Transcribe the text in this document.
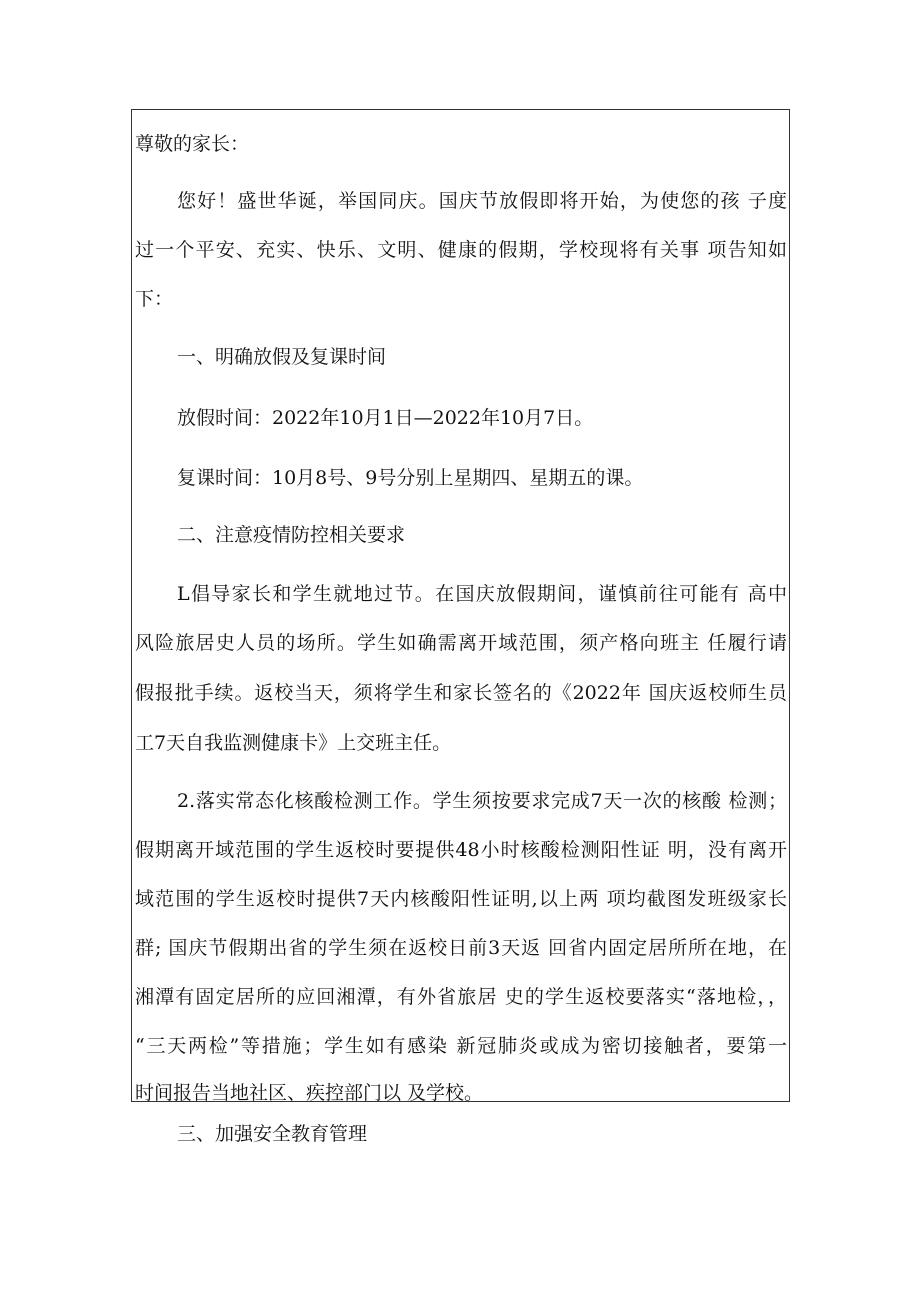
尊敬的家长：

您好！盛世华诞，举国同庆。国庆节放假即将开始，为使您的孩 子度

过一个平安、充实、快乐、文明、健康的假期，学校现将有关事 项告知如

下：

一、明确放假及复课时间

放假时间：2022年10月1日—2022年10月7日。

复课时间：10月8号、9号分别上星期四、星期五的课。

二、注意疫情防控相关要求

L倡导家长和学生就地过节。在国庆放假期间，谨慎前往可能有 高中

风险旅居史人员的场所。学生如确需离开域范围，须产格向班主 任履行请

假报批手续。返校当天，须将学生和家长签名的《2022年 国庆返校师生员

工7天自我监测健康卡》上交班主任。

2.落实常态化核酸检测工作。学生须按要求完成7天一次的核酸 检测；

假期离开域范围的学生返校时要提供48小时核酸检测阳性证 明，没有离开

域范围的学生返校时提供7天内核酸阳性证明,以上两 项均截图发班级家长

群; 国庆节假期出省的学生须在返校日前3天返 回省内固定居所所在地，在

湘潭有固定居所的应回湘潭，有外省旅居 史的学生返校要落实“落地检，，

“三天两检”等措施；学生如有感染 新冠肺炎或成为密切接触者，要第一

时间报告当地社区、疾控部门以 及学校。

三、加强安全教育管理
